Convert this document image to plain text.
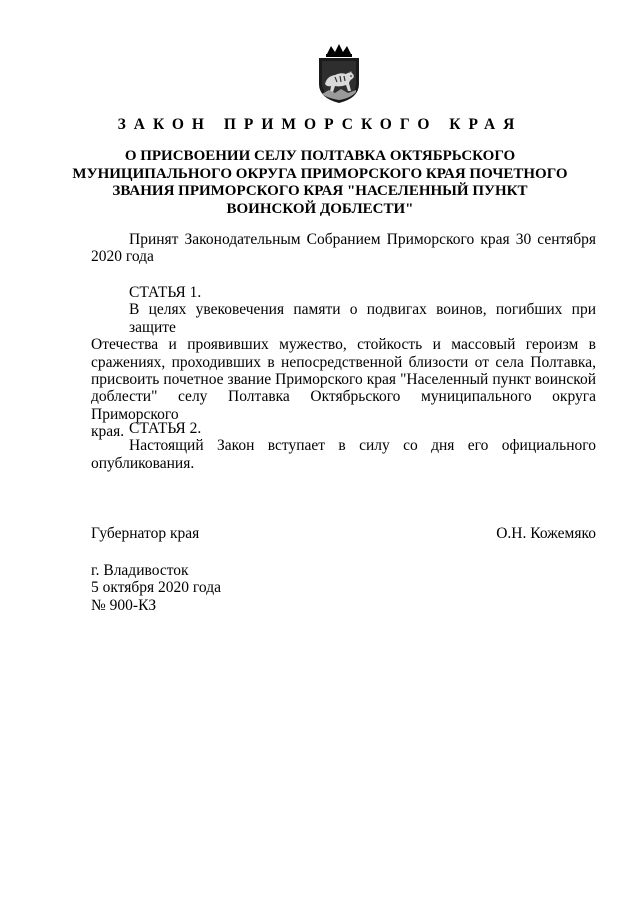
ЗАКОН ПРИМОРСКОГО КРАЯ
О ПРИСВОЕНИИ СЕЛУ ПОЛТАВКА ОКТЯБРЬСКОГО
МУНИЦИПАЛЬНОГО ОКРУГА ПРИМОРСКОГО КРАЯ ПОЧЕТНОГО
ЗВАНИЯ ПРИМОРСКОГО КРАЯ "НАСЕЛЕННЫЙ ПУНКТ
ВОИНСКОЙ ДОБЛЕСТИ"
Принят Законодательным Собранием Приморского края 30 сентября
2020 года
СТАТЬЯ 1.
В целях увековечения памяти о подвигах воинов, погибших при защите
Отечества и проявивших мужество, стойкость и массовый героизм в
сражениях, проходивших в непосредственной близости от села Полтавка,
присвоить почетное звание Приморского края "Населенный пункт воинской
доблести" селу Полтавка Октябрьского муниципального округа Приморского
края. СТАТЬЯ 2.
Настоящий Закон вступает в силу со дня его официального
опубликования.
Губернатор края	О.Н. Кожемяко
г. Владивосток
5 октября 2020 года
№ 900-КЗ
